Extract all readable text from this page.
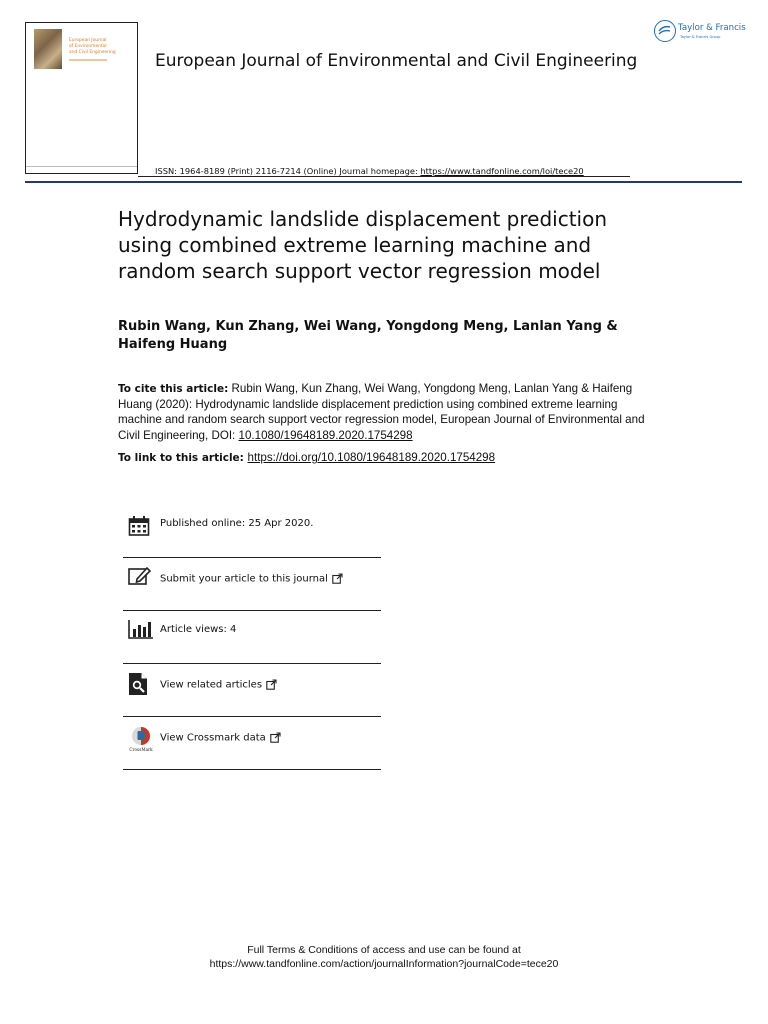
European Journal
of Environmental
and Civil Engineering European Journal of Environmental and Civil Engineering
Taylor & Francis
Taylor & Francis Group
ISSN: 1964-8189 (Print) 2116-7214 (Online) Journal homepage: https://www.tandfonline.com/loi/tece20
Hydrodynamic landslide displacement prediction using combined extreme learning machine and random search support vector regression model
Rubin Wang, Kun Zhang, Wei Wang, Yongdong Meng, Lanlan Yang & Haifeng Huang
To cite this article: Rubin Wang, Kun Zhang, Wei Wang, Yongdong Meng, Lanlan Yang & Haifeng Huang (2020): Hydrodynamic landslide displacement prediction using combined extreme learning machine and random search support vector regression model, European Journal of Environmental and Civil Engineering, DOI: 10.1080/19648189.2020.1754298
To link to this article: https://doi.org/10.1080/19648189.2020.1754298
Published online: 25 Apr 2020.
Submit your article to this journal
Article views: 4
View related articles
CrossMark
View Crossmark data
Full Terms & Conditions of access and use can be found at
https://www.tandfonline.com/action/journalInformation?journalCode=tece20
